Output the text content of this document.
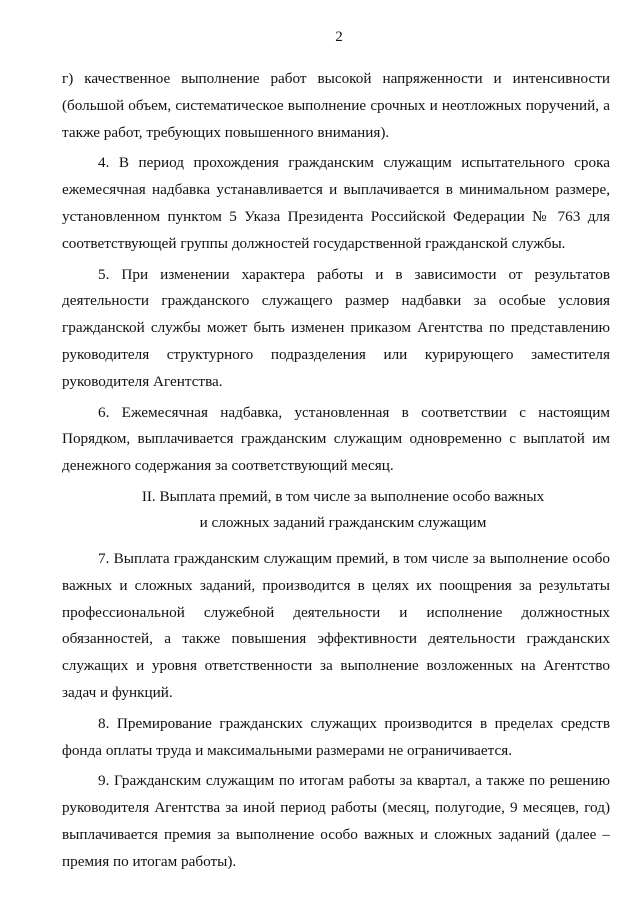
2

г) качественное выполнение работ высокой напряженности и интенсивности (большой объем, систематическое выполнение срочных и неотложных поручений, а также работ, требующих повышенного внимания).

4. В период прохождения гражданским служащим испытательного срока ежемесячная надбавка устанавливается и выплачивается в минимальном размере, установленном пунктом 5 Указа Президента Российской Федерации № 763 для соответствующей группы должностей государственной гражданской службы.

5. При изменении характера работы и в зависимости от результатов деятельности гражданского служащего размер надбавки за особые условия гражданской службы может быть изменен приказом Агентства по представлению руководителя структурного подразделения или курирующего заместителя руководителя Агентства.

6. Ежемесячная надбавка, установленная в соответствии с настоящим Порядком, выплачивается гражданским служащим одновременно с выплатой им денежного содержания за соответствующий месяц.

II. Выплата премий, в том числе за выполнение особо важных
и сложных заданий гражданским служащим

7. Выплата гражданским служащим премий, в том числе за выполнение особо важных и сложных заданий, производится в целях их поощрения за результаты профессиональной служебной деятельности и исполнение должностных обязанностей, а также повышения эффективности деятельности гражданских служащих и уровня ответственности за выполнение возложенных на Агентство задач и функций.

8. Премирование гражданских служащих производится в пределах средств фонда оплаты труда и максимальными размерами не ограничивается.

9. Гражданским служащим по итогам работы за квартал, а также по решению руководителя Агентства за иной период работы (месяц, полугодие, 9 месяцев, год) выплачивается премия за выполнение особо важных и сложных заданий (далее – премия по итогам работы).
